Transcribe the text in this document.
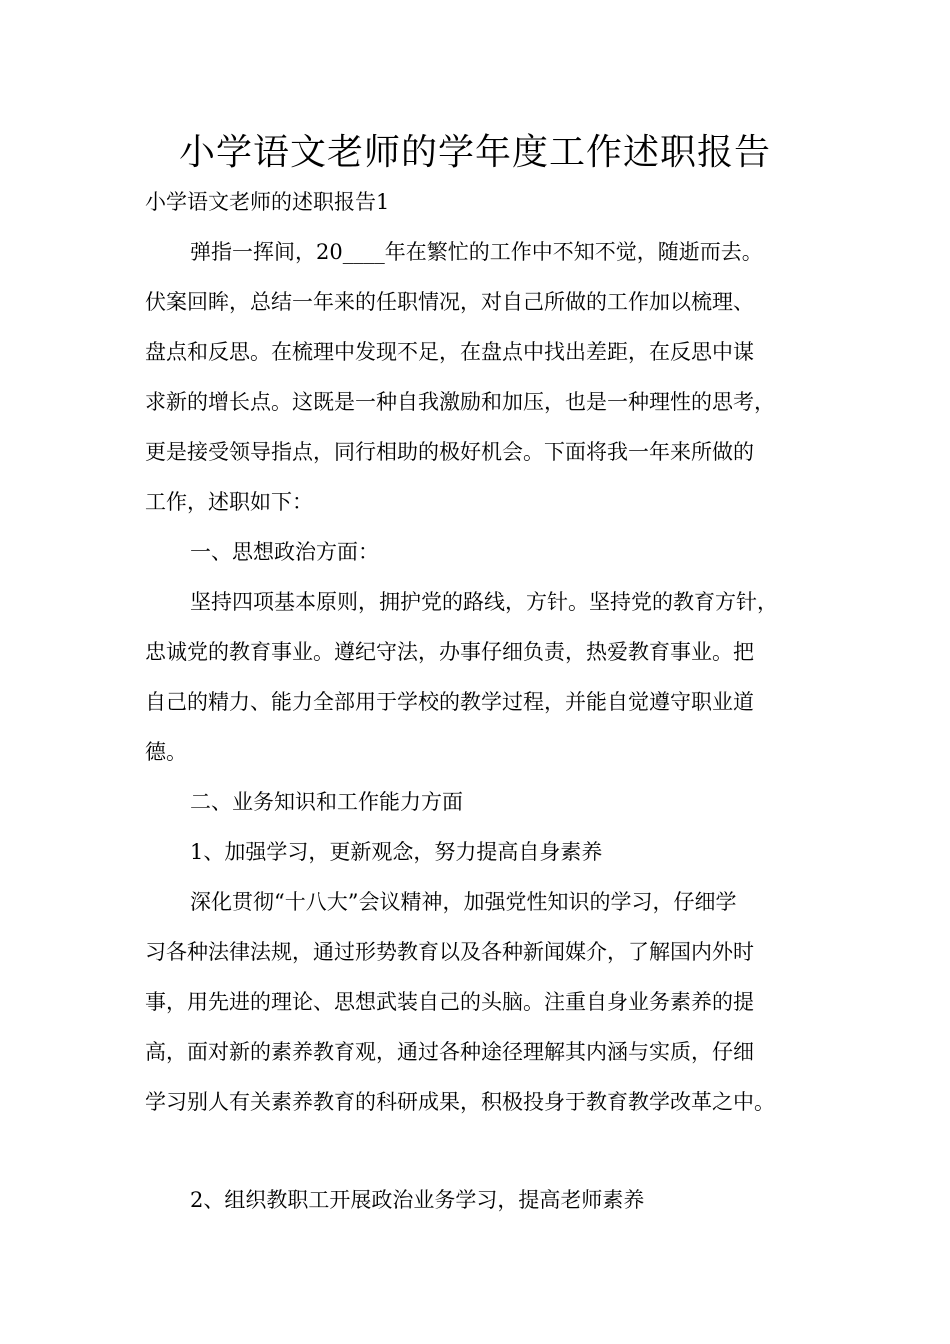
小学语文老师的学年度工作述职报告

小学语文老师的述职报告1

弹指一挥间，20____年在繁忙的工作中不知不觉，随逝而去。

伏案回眸，总结一年来的任职情况，对自己所做的工作加以梳理、

盘点和反思。在梳理中发现不足，在盘点中找出差距，在反思中谋

求新的增长点。这既是一种自我激励和加压，也是一种理性的思考，

更是接受领导指点，同行相助的极好机会。下面将我一年来所做的

工作，述职如下：

一、思想政治方面：

坚持四项基本原则，拥护党的路线，方针。坚持党的教育方针，

忠诚党的教育事业。遵纪守法，办事仔细负责，热爱教育事业。把

自己的精力、能力全部用于学校的教学过程，并能自觉遵守职业道

德。

二、业务知识和工作能力方面

1、加强学习，更新观念，努力提高自身素养

深化贯彻“十八大”会议精神，加强党性知识的学习，仔细学

习各种法律法规，通过形势教育以及各种新闻媒介，了解国内外时

事，用先进的理论、思想武装自己的头脑。注重自身业务素养的提

高，面对新的素养教育观，通过各种途径理解其内涵与实质，仔细

学习别人有关素养教育的科研成果，积极投身于教育教学改革之中。

2、组织教职工开展政治业务学习，提高老师素养
